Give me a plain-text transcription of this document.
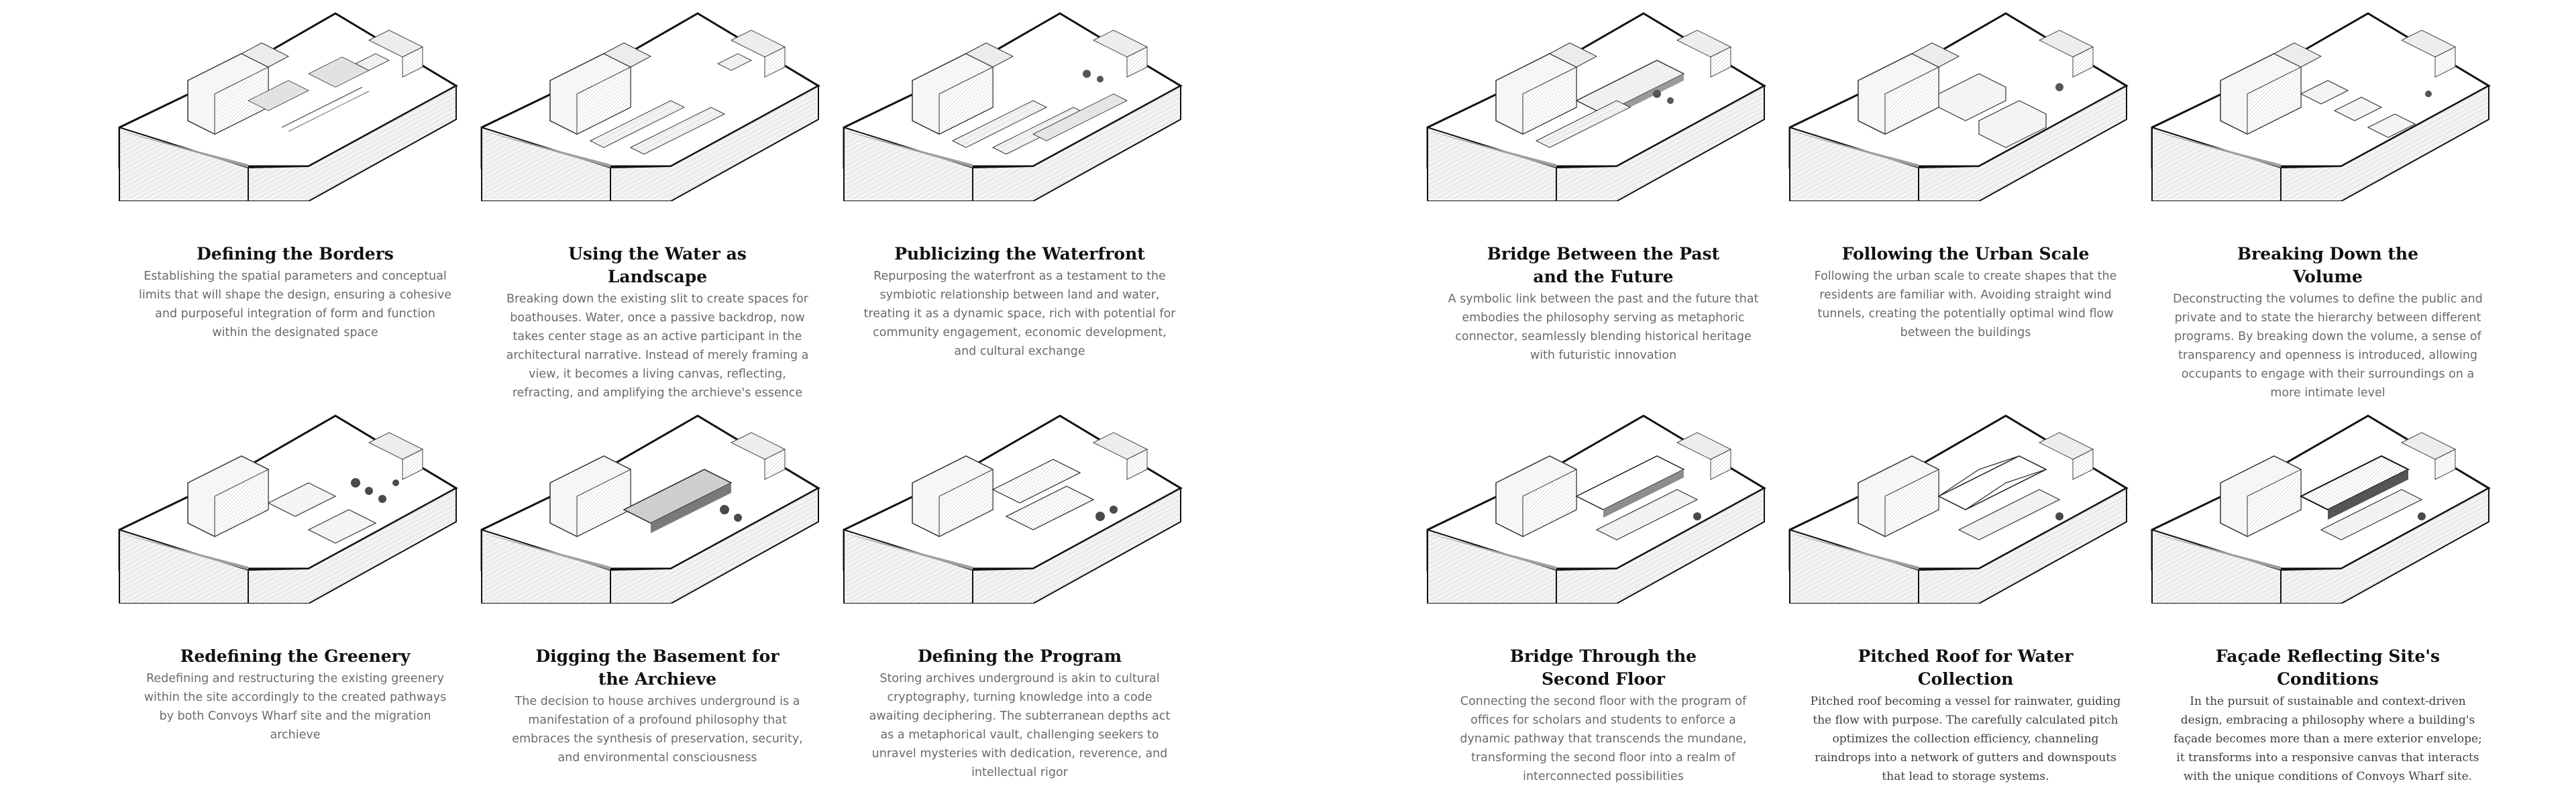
Defining the Borders
Establishing the spatial parameters and conceptual limits that will shape the design, ensuring a cohesive and purposeful integration of form and function within the designated space
Using the Water as Landscape
Breaking down the existing slit to create spaces for boathouses. Water, once a passive backdrop, now takes center stage as an active participant in the architectural narrative. Instead of merely framing a view, it becomes a living canvas, reflecting, refracting, and amplifying the archieve's essence
Publicizing the Waterfront
Repurposing the waterfront as a testament to the symbiotic relationship between land and water, treating it as a dynamic space, rich with potential for community engagement, economic development, and cultural exchange
Bridge Between the Past and the Future
A symbolic link between the past and the future that embodies the philosophy serving as metaphoric connector, seamlessly blending historical heritage with futuristic innovation
Following the Urban Scale
Following the urban scale to create shapes that the residents are familiar with. Avoiding straight wind tunnels, creating the potentially optimal wind flow between the buildings
Breaking Down the Volume
Deconstructing the volumes to define the public and private and to state the hierarchy between different programs. By breaking down the volume, a sense of transparency and openness is introduced, allowing occupants to engage with their surroundings on a more intimate level
Redefining the Greenery
Redefining and restructuring the existing greenery within the site accordingly to the created pathways by both Convoys Wharf site and the migration archieve
Digging the Basement for the Archieve
The decision to house archives underground is a manifestation of a profound philosophy that embraces the synthesis of preservation, security, and environmental consciousness
Defining the Program
Storing archives underground is akin to cultural cryptography, turning knowledge into a code awaiting deciphering. The subterranean depths act as a metaphorical vault, challenging seekers to unravel mysteries with dedication, reverence, and intellectual rigor
Bridge Through the Second Floor
Connecting the second floor with the program of offices for scholars and students to enforce a dynamic pathway that transcends the mundane, transforming the second floor into a realm of interconnected possibilities
Pitched Roof for Water Collection
Pitched roof becoming a vessel for rainwater, guiding the flow with purpose. The carefully calculated pitch optimizes the collection efficiency, channeling raindrops into a network of gutters and downspouts that lead to storage systems.
Façade Reflecting Site's Conditions
In the pursuit of sustainable and context-driven design, embracing a philosophy where a building's façade becomes more than a mere exterior envelope; it transforms into a responsive canvas that interacts with the unique conditions of Convoys Wharf site.
